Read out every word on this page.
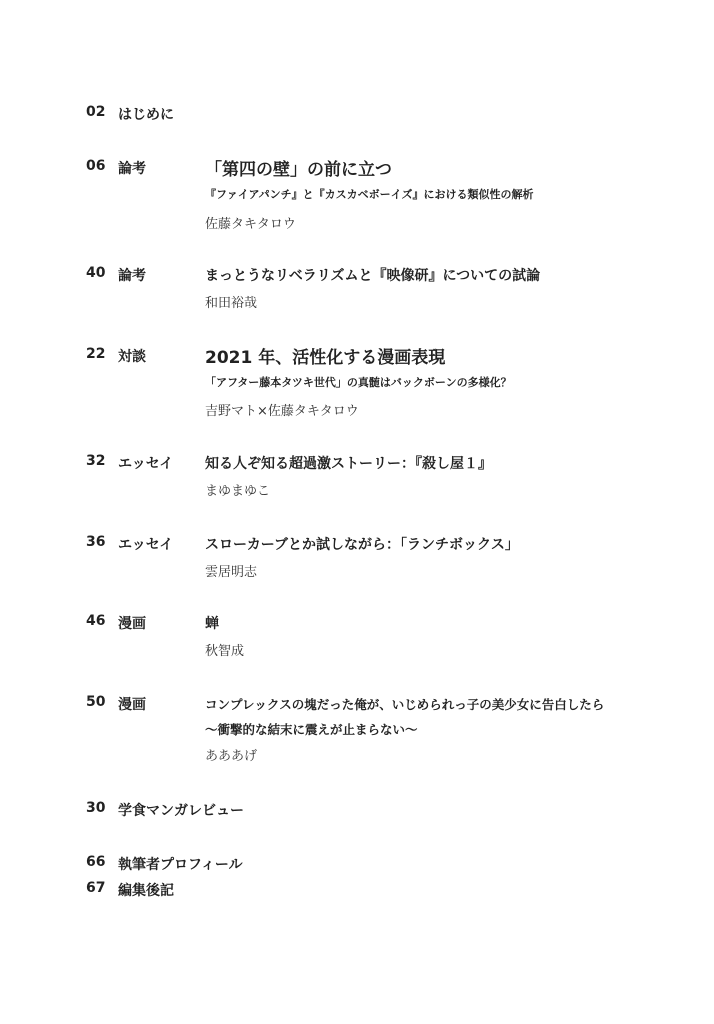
02 はじめに
06 論考	「第四の壁」の前に立つ
『ファイアパンチ』と『カスカベボーイズ』における類似性の解析
佐藤タキタロウ
40 論考	まっとうなリベラリズムと『映像研』についての試論
和田裕哉
22 対談	2021 年、活性化する漫画表現
「アフター藤本タツキ世代」の真髄はバックボーンの多様化？
吉野マト×佐藤タキタロウ
32 エッセイ 知る人ぞ知る超過激ストーリー：『殺し屋１』
まゆまゆこ
36 エッセイ スローカーブとか試しながら：「ランチボックス」
雲居明志
46 漫画	蝉
秋智成
50 漫画	コンプレックスの塊だった俺が、いじめられっ子の美少女に告白したら
〜衝撃的な結末に震えが止まらない〜
あああげ
30 学食マンガレビュー
66 執筆者プロフィール
67 編集後記
